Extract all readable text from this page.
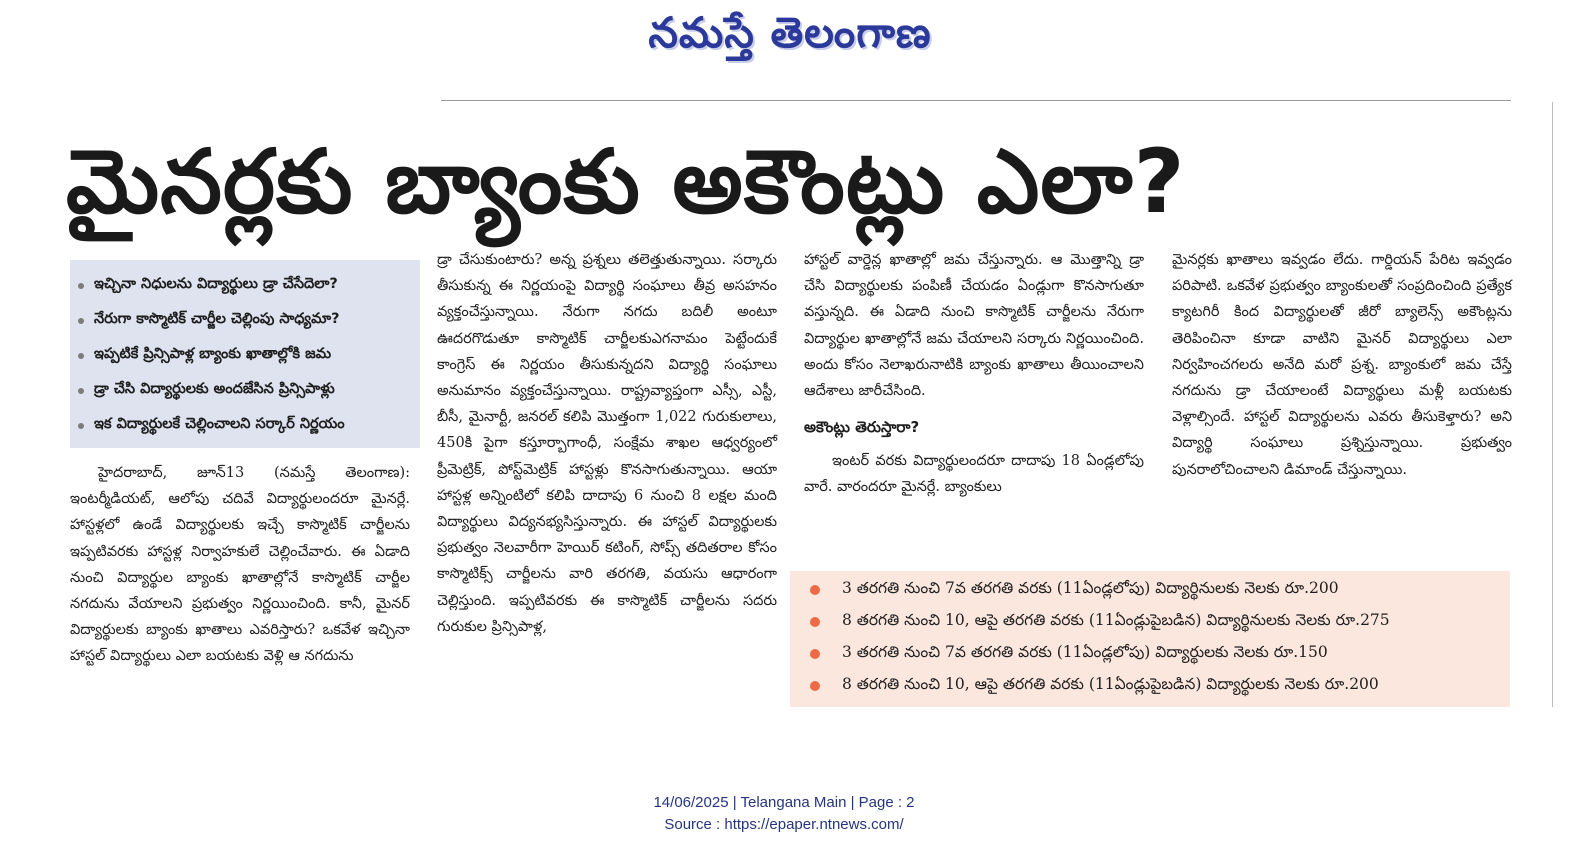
నమస్తే తెలంగాణ
మైనర్లకు బ్యాంకు అకౌంట్లు ఎలా?
ఇచ్చినా నిధులను విద్యార్థులు డ్రా చేసేదెలా?
నేరుగా కాస్మొటిక్ చార్జీల చెల్లింపు సాధ్యమా?
ఇప్పటికే ప్రిన్సిపాళ్ల బ్యాంకు ఖాతాల్లోకి జమ
డ్రా చేసి విద్యార్థులకు అందజేసిన ప్రిన్సిపాళ్లు
ఇక విద్యార్థులకే చెల్లించాలని సర్కార్ నిర్ణయం

హైదరాబాద్, జూన్13 (నమస్తే తెలంగాణ): ఇంటర్మీడియట్, ఆలోపు చదివే విద్యార్థులందరూ మైనర్లే. హాస్టళ్లలో ఉండే విద్యార్థులకు ఇచ్చే కాస్మొటిక్ చార్జీలను ఇప్పటివరకు హాస్టళ్ల నిర్వాహకులే చెల్లించేవారు. ఈ ఏడాది నుంచి విద్యార్థుల బ్యాంకు ఖాతాల్లోనే కాస్మొటిక్ చార్జీల నగదును వేయాలని ప్రభుత్వం నిర్ణయించింది. కానీ, మైనర్ విద్యార్థులకు బ్యాంకు ఖాతాలు ఎవరిస్తారు? ఒకవేళ ఇచ్చినా హాస్టల్ విద్యార్థులు ఎలా బయటకు వెళ్లి ఆ నగదును

డ్రా చేసుకుంటారు? అన్న ప్రశ్నలు తలెత్తుతున్నాయి. సర్కారు తీసుకున్న ఈ నిర్ణయంపై విద్యార్థి సంఘాలు తీవ్ర అసహనం వ్యక్తంచేస్తున్నాయి. నేరుగా నగదు బదిలీ అంటూ ఊదరగొడుతూ కాస్మొటిక్ చార్జీలకుఎగనామం పెట్టేందుకే కాంగ్రెస్ ఈ నిర్ణయం తీసుకున్నదని విద్యార్థి సంఘాలు అనుమానం వ్యక్తంచేస్తున్నాయి. రాష్ట్రవ్యాప్తంగా ఎస్సీ, ఎస్టీ, బీసీ, మైనార్టీ, జనరల్ కలిపి మొత్తంగా 1,022 గురుకులాలు, 450కి పైగా కస్తూర్బాగాంధీ, సంక్షేమ శాఖల ఆధ్వర్యంలో ప్రీమెట్రిక్, పోస్ట్‌మెట్రిక్ హాస్టళ్లు కొనసాగుతున్నాయి. ఆయా హాస్టళ్ల అన్నింటిలో కలిపి దాదాపు 6 నుంచి 8 లక్షల మంది విద్యార్థులు విద్యనభ్యసిస్తున్నారు. ఈ హాస్టల్ విద్యార్థులకు ప్రభుత్వం నెలవారీగా హెయిర్ కటింగ్, సోప్స్ తదితరాల కోసం కాస్మొటిక్స్ చార్జీలను వారి తరగతి, వయసు ఆధారంగా చెల్లిస్తుంది. ఇప్పటివరకు ఈ కాస్మొటిక్ చార్జీలను సదరు గురుకుల ప్రిన్సిపాళ్ల,

హాస్టల్ వార్డెన్ల ఖాతాల్లో జమ చేస్తున్నారు. ఆ మొత్తాన్ని డ్రా చేసి విద్యార్థులకు పంపిణీ చేయడం ఏండ్లుగా కొనసాగుతూ వస్తున్నది. ఈ ఏడాది నుంచి కాస్మొటిక్ చార్జీలను నేరుగా విద్యార్థుల ఖాతాల్లోనే జమ చేయాలని సర్కారు నిర్ణయించింది. అందు కోసం నెలాఖరునాటికి బ్యాంకు ఖాతాలు తీయించాలని ఆదేశాలు జారీచేసింది.

అకౌంట్లు తెరుస్తారా?

ఇంటర్ వరకు విద్యార్థులందరూ దాదాపు 18 ఏండ్లలోపు వారే. వారందరూ మైనర్లే. బ్యాంకులు

మైనర్లకు ఖాతాలు ఇవ్వడం లేదు. గార్డియన్ పేరిట ఇవ్వడం పరిపాటి. ఒకవేళ ప్రభుత్వం బ్యాంకులతో సంప్రదించింది ప్రత్యేక క్యాటగిరీ కింద విద్యార్థులతో జీరో బ్యాలెన్స్ అకౌంట్లను తెరిపించినా కూడా వాటిని మైనర్ విద్యార్థులు ఎలా నిర్వహించగలరు అనేది మరో ప్రశ్న. బ్యాంకులో జమ చేస్తే నగదును డ్రా చేయాలంటే విద్యార్థులు మళ్లీ బయటకు వెళ్లాల్సిందే. హాస్టల్ విద్యార్థులను ఎవరు తీసుకెళ్తారు? అని విద్యార్థి సంఘాలు ప్రశ్నిస్తున్నాయి. ప్రభుత్వం పునరాలోచించాలని డిమాండ్ చేస్తున్నాయి.

3 తరగతి నుంచి 7వ తరగతి వరకు (11ఏండ్లలోపు) విద్యార్థినులకు నెలకు రూ.200
8 తరగతి నుంచి 10, ఆపై తరగతి వరకు (11ఏండ్లుపైబడిన) విద్యార్థినులకు నెలకు రూ.275
3 తరగతి నుంచి 7వ తరగతి వరకు (11ఏండ్లలోపు) విద్యార్థులకు నెలకు రూ.150
8 తరగతి నుంచి 10, ఆపై తరగతి వరకు (11ఏండ్లుపైబడిన) విద్యార్థులకు నెలకు రూ.200
14/06/2025 | Telangana Main | Page : 2
Source : https://epaper.ntnews.com/
